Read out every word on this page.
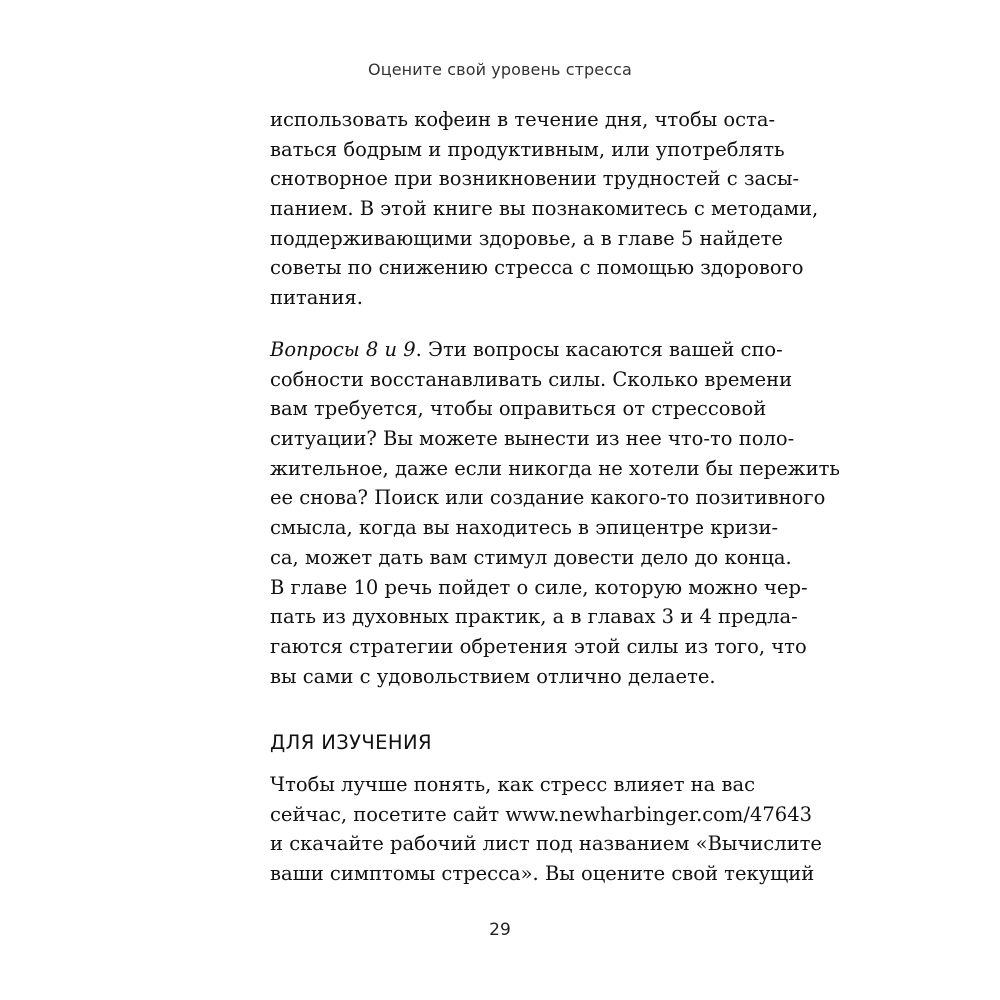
Оцените свой уровень стресса
использовать кофеин в течение дня, чтобы оста-
ваться бодрым и продуктивным, или употреблять
снотворное при возникновении трудностей с засы-
панием. В этой книге вы познакомитесь с методами,
поддерживающими здоровье, а в главе 5 найдете
советы по снижению стресса с помощью здорового
питания.
Вопросы 8 и 9. Эти вопросы касаются вашей спо-
собности восстанавливать силы. Сколько времени
вам требуется, чтобы оправиться от стрессовой
ситуации? Вы можете вынести из нее что-то поло-
жительное, даже если никогда не хотели бы пережить
ее снова? Поиск или создание какого-то позитивного
смысла, когда вы находитесь в эпицентре кризи-
са, может дать вам стимул довести дело до конца.
В главе 10 речь пойдет о силе, которую можно чер-
пать из духовных практик, а в главах 3 и 4 предла-
гаются стратегии обретения этой силы из того, что
вы сами с удовольствием отлично делаете.
ДЛЯ ИЗУЧЕНИЯ
Чтобы лучше понять, как стресс влияет на вас
сейчас, посетите сайт www.newharbinger.com/47643
и скачайте рабочий лист под названием «Вычислите
ваши симптомы стресса». Вы оцените свой текущий
29
